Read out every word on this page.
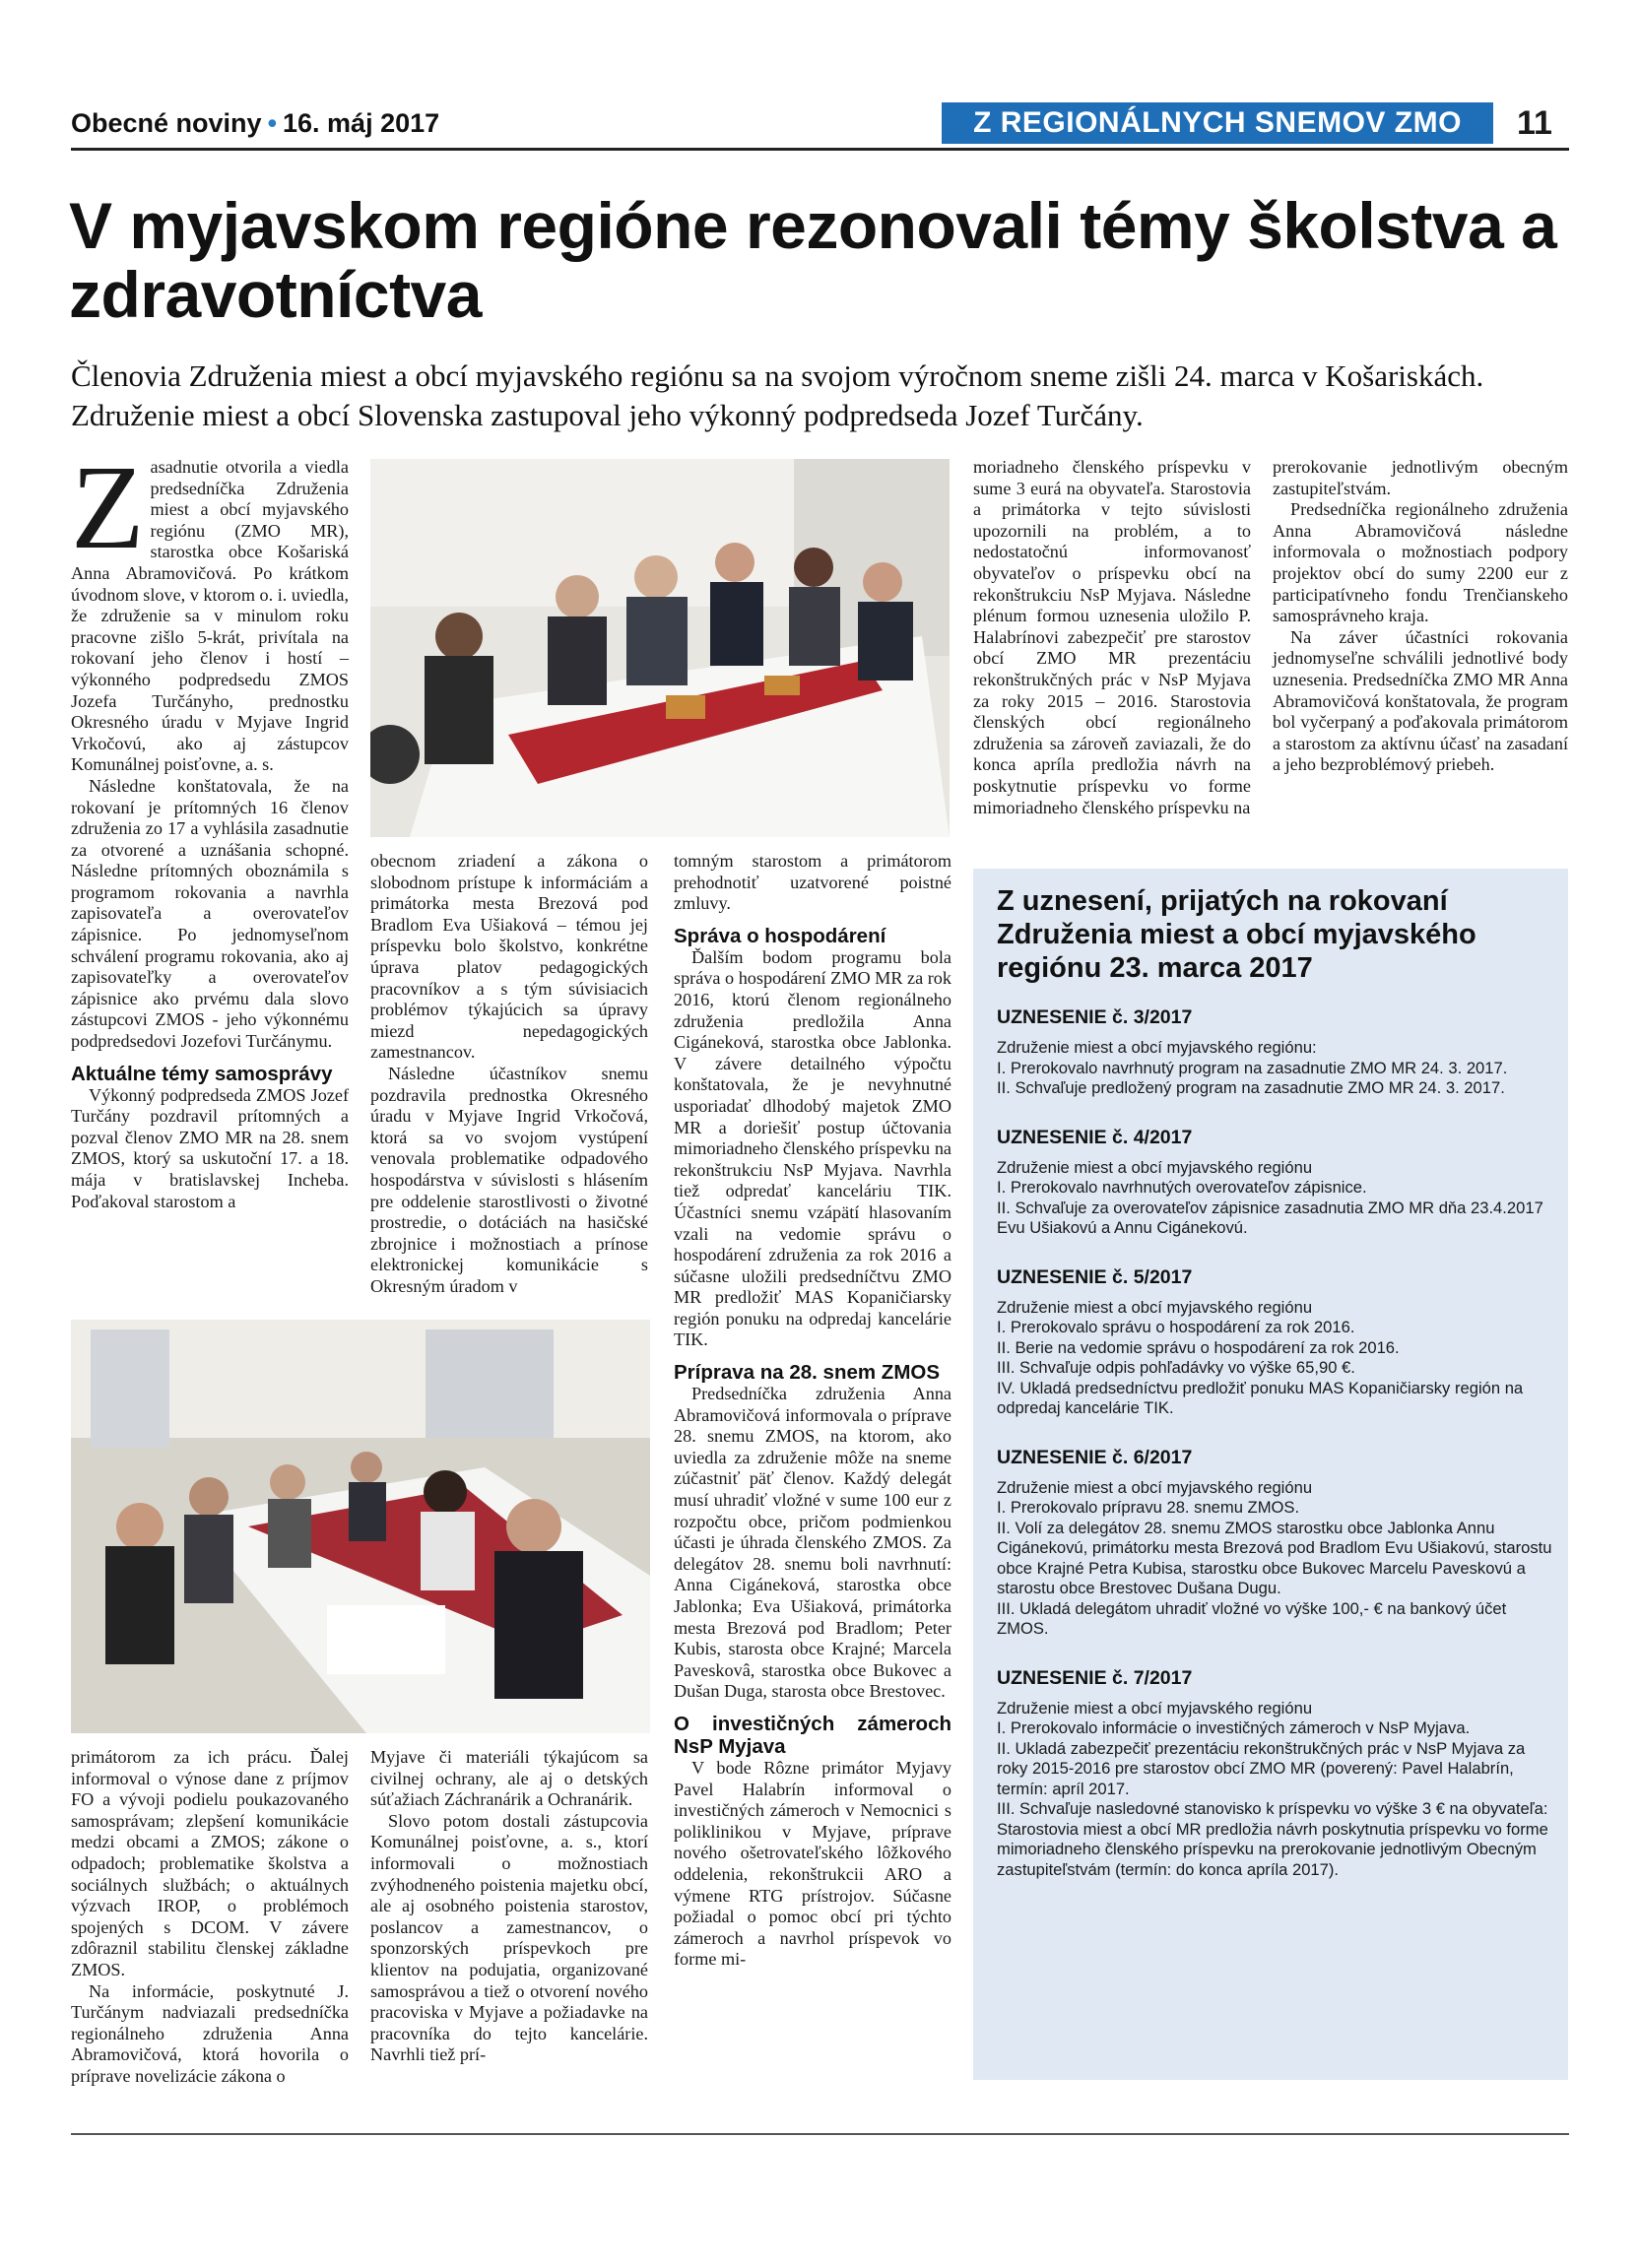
Obecné noviny • 16. máj 2017	Z REGIONÁLNYCH SNEMOV ZMO	11
V myjavskom regióne rezonovali témy školstva a zdravotníctva

Členovia Združenia miest a obcí myjavského regiónu sa na svojom výročnom sneme zišli 24. marca v Košariskách. Združenie miest a obcí Slovenska zastupoval jeho výkonný podpredseda Jozef Turčány.

Zasadnutie otvorila a viedla predsedníčka Združenia miest a obcí myjavského regiónu (ZMO MR), starostka obce Košariská Anna Abramovičová. Po krátkom úvodnom slove, v ktorom o. i. uviedla, že združenie sa v minulom roku pracovne zišlo 5-krát, privítala na rokovaní jeho členov i hostí – výkonného podpredsedu ZMOS Jozefa Turčányho, prednostku Okresného úradu v Myjave Ingrid Vrkočovú, ako aj zástupcov Komunálnej poisťovne, a. s.

Následne konštatovala, že na rokovaní je prítomných 16 členov združenia zo 17 a vyhlásila zasadnutie za otvorené a uznášania schopné. Následne prítomných oboznámila s programom rokovania a navrhla zapisovateľa a overovateľov zápisnice. Po jednomyseľnom schválení programu rokovania, ako aj zapisovateľky a overovateľov zápisnice ako prvému dala slovo zástupcovi ZMOS - jeho výkonnému podpredsedovi Jozefovi Turčánymu.

Aktuálne témy samosprávy

Výkonný podpredseda ZMOS Jozef Turčány pozdravil prítomných a pozval členov ZMO MR na 28. snem ZMOS, ktorý sa uskutoční 17. a 18. mája v bratislavskej Incheba. Poďakoval starostom a

obecnom zriadení a zákona o slobodnom prístupe k informáciám a primátorka mesta Brezová pod Bradlom Eva Ušiaková – témou jej príspevku bolo školstvo, konkrétne úprava platov pedagogických pracovníkov a s tým súvisiacich problémov týkajúcich sa úpravy miezd nepedagogických zamestnancov.

Následne účastníkov snemu pozdravila prednostka Okresného úradu v Myjave Ingrid Vrkočová, ktorá sa vo svojom vystúpení venovala problematike odpadového hospodárstva v súvislosti s hlásením pre oddelenie starostlivosti o životné prostredie, o dotáciách na hasičské zbrojnice i možnostiach a prínose elektronickej komunikácie s Okresným úradom v

primátorom za ich prácu. Ďalej informoval o výnose dane z príjmov FO a vývoji podielu poukazovaného samosprávam; zlepšení komunikácie medzi obcami a ZMOS; zákone o odpadoch; problematike školstva a sociálnych službách; o aktuálnych výzvach IROP, o problémoch spojených s DCOM. V závere zdôraznil stabilitu členskej základne ZMOS.

Na informácie, poskytnuté J. Turčánym nadviazali predsedníčka regionálneho združenia Anna Abramovičová, ktorá hovorila o príprave novelizácie zákona o

Myjave či materiáli týkajúcom sa civilnej ochrany, ale aj o detských súťažiach Záchranárik a Ochranárik.

Slovo potom dostali zástupcovia Komunálnej poisťovne, a. s., ktorí informovali o možnostiach zvýhodneného poistenia majetku obcí, ale aj osobného poistenia starostov, poslancov a zamestnancov, o sponzorských príspevkoch pre klientov na podujatia, organizované samosprávou a tiež o otvorení nového pracoviska v Myjave a požiadavke na pracovníka do tejto kancelárie. Navrhli tiež prí-

tomným starostom a primátorom prehodnotiť uzatvorené poistné zmluvy.

Správa o hospodárení

Ďalším bodom programu bola správa o hospodárení ZMO MR za rok 2016, ktorú členom regionálneho združenia predložila Anna Cigáneková, starostka obce Jablonka. V závere detailného výpočtu konštatovala, že je nevyhnutné usporiadať dlhodobý majetok ZMO MR a doriešiť postup účtovania mimoriadneho členského príspevku na rekonštrukciu NsP Myjava. Navrhla tiež odpredať kanceláriu TIK. Účastníci snemu vzápätí hlasovaním vzali na vedomie správu o hospodárení združenia za rok 2016 a súčasne uložili predsedníčtvu ZMO MR predložiť MAS Kopaničiarsky región ponuku na odpredaj kancelárie TIK.

Príprava na 28. snem ZMOS

Predsedníčka združenia Anna Abramovičová informovala o príprave 28. snemu ZMOS, na ktorom, ako uviedla za združenie môže na sneme zúčastniť päť členov. Každý delegát musí uhradiť vložné v sume 100 eur z rozpočtu obce, pričom podmienkou účasti je úhrada členského ZMOS. Za delegátov 28. snemu boli navrhnutí: Anna Cigáneková, starostka obce Jablonka; Eva Ušiaková, primátorka mesta Brezová pod Bradlom; Peter Kubis, starosta obce Krajné; Marcela Paveskovâ, starostka obce Bukovec a Dušan Duga, starosta obce Brestovec.

O investičných zámeroch NsP Myjava

V bode Rôzne primátor Myjavy Pavel Halabrín informoval o investičných zámeroch v Nemocnici s poliklinikou v Myjave, príprave nového ošetrovateľského lôžkového oddelenia, rekonštrukcii ARO a výmene RTG prístrojov. Súčasne požiadal o pomoc obcí pri týchto zámeroch a navrhol príspevok vo forme mi-

moriadneho členského príspevku v sume 3 eurá na obyvateľa. Starostovia a primátorka v tejto súvislosti upozornili na problém, a to nedostatočnú informovanosť obyvateľov o príspevku obcí na rekonštrukciu NsP Myjava. Následne plénum formou uznesenia uložilo P. Halabrínovi zabezpečiť pre starostov obcí ZMO MR prezentáciu rekonštrukčných prác v NsP Myjava za roky 2015 – 2016. Starostovia členských obcí regionálneho združenia sa zároveň zaviazali, že do konca apríla predložia návrh na poskytnutie príspevku vo forme mimoriadneho členského príspevku na

prerokovanie jednotlivým obecným zastupiteľstvám.

Predsedníčka regionálneho združenia Anna Abramovičová následne informovala o možnostiach podpory projektov obcí do sumy 2200 eur z participatívneho fondu Trenčianskeho samosprávneho kraja.

Na záver účastníci rokovania jednomyseľne schválili jednotlivé body uznesenia. Predsedníčka ZMO MR Anna Abramovičová konštatovala, že program bol vyčerpaný a poďakovala primátorom a starostom za aktívnu účasť na zasadaní a jeho bezproblémový priebeh.

Z uznesení, prijatých na rokovaní Združenia miest a obcí myjavského regiónu 23. marca 2017
UZNESENIE č. 3/2017
Združenie miest a obcí myjavského regiónu:
I. Prerokovalo navrhnutý program na zasadnutie ZMO MR 24. 3. 2017.
II. Schvaľuje predložený program na zasadnutie ZMO MR 24. 3. 2017.
UZNESENIE č. 4/2017
Združenie miest a obcí myjavského regiónu
I. Prerokovalo navrhnutých overovateľov zápisnice.
II. Schvaľuje za overovateľov zápisnice zasadnutia ZMO MR dňa 23.4.2017 Evu Ušiakovú a Annu Cigánekovú.
UZNESENIE č. 5/2017
Združenie miest a obcí myjavského regiónu
I. Prerokovalo správu o hospodárení za rok 2016.
II. Berie na vedomie správu o hospodárení za rok 2016.
III. Schvaľuje odpis pohľadávky vo výške 65,90 €.
IV. Ukladá predsedníctvu predložiť ponuku MAS Kopaničiarsky región na odpredaj kancelárie TIK.
UZNESENIE č. 6/2017
Združenie miest a obcí myjavského regiónu
I. Prerokovalo prípravu 28. snemu ZMOS.
II. Volí za delegátov 28. snemu ZMOS starostku obce Jablonka Annu Cigánekovú, primátorku mesta Brezová pod Bradlom Evu Ušiakovú, starostu obce Krajné Petra Kubisa, starostku obce Bukovec Marcelu Paveskovú a starostu obce Brestovec Dušana Dugu.
III. Ukladá delegátom uhradiť vložné vo výške 100,- € na bankový účet ZMOS.
UZNESENIE č. 7/2017
Združenie miest a obcí myjavského regiónu
I. Prerokovalo informácie o investičných zámeroch v NsP Myjava.
II. Ukladá zabezpečiť prezentáciu rekonštrukčných prác v NsP Myjava za roky 2015-2016 pre starostov obcí ZMO MR (poverený: Pavel Halabrín, termín: apríl 2017.
III. Schvaľuje nasledovné stanovisko k príspevku vo výške 3 € na obyvateľa:
Starostovia miest a obcí MR predložia návrh poskytnutia príspevku vo forme mimoriadneho členského príspevku na prerokovanie jednotlivým Obecným zastupiteľstvám (termín: do konca apríla 2017).
